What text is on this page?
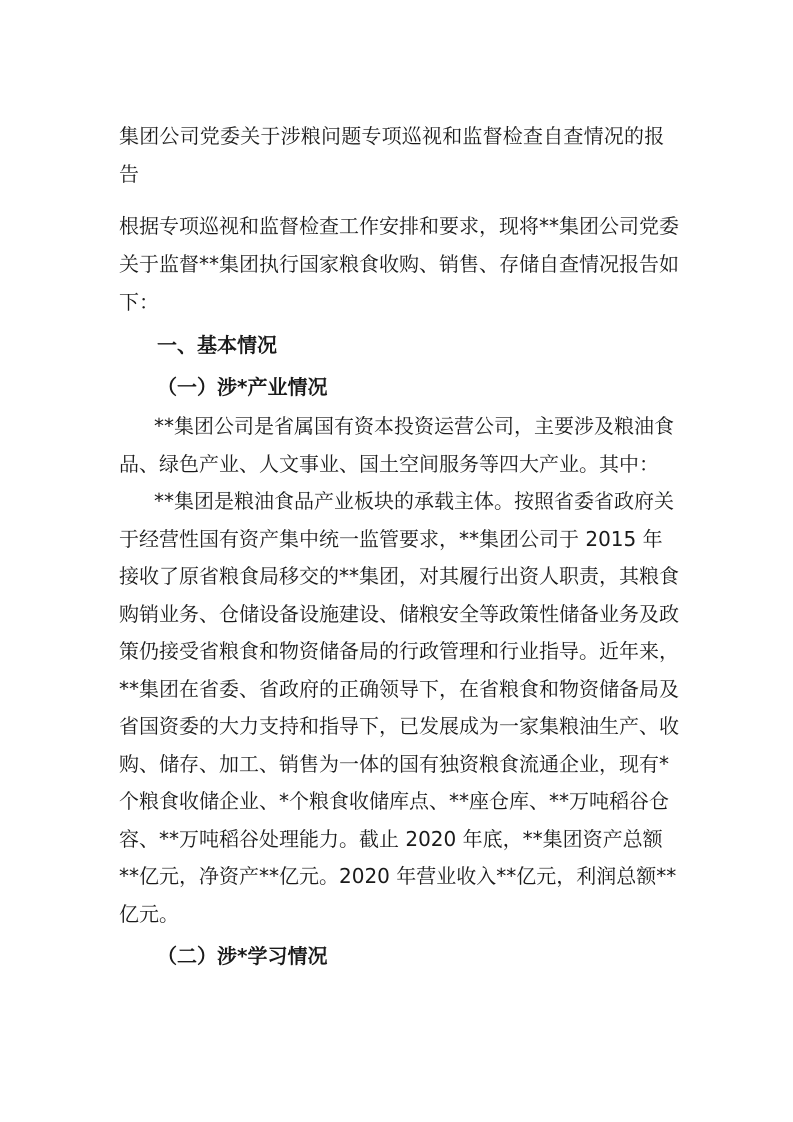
集团公司党委关于涉粮问题专项巡视和监督检查自查情况的报告

根据专项巡视和监督检查工作安排和要求，现将**集团公司党委关于监督**集团执行国家粮食收购、销售、存储自查情况报告如下：

一、基本情况
（一）涉*产业情况

**集团公司是省属国有资本投资运营公司，主要涉及粮油食品、绿色产业、人文事业、国土空间服务等四大产业。其中：

**集团是粮油食品产业板块的承载主体。按照省委省政府关于经营性国有资产集中统一监管要求，**集团公司于 2015 年接收了原省粮食局移交的**集团，对其履行出资人职责，其粮食购销业务、仓储设备设施建设、储粮安全等政策性储备业务及政策仍接受省粮食和物资储备局的行政管理和行业指导。近年来，**集团在省委、省政府的正确领导下，在省粮食和物资储备局及省国资委的大力支持和指导下，已发展成为一家集粮油生产、收购、储存、加工、销售为一体的国有独资粮食流通企业，现有*个粮食收储企业、*个粮食收储库点、**座仓库、**万吨稻谷仓容、**万吨稻谷处理能力。截止 2020 年底，**集团资产总额**亿元，净资产**亿元。2020 年营业收入**亿元，利润总额**亿元。

（二）涉*学习情况
